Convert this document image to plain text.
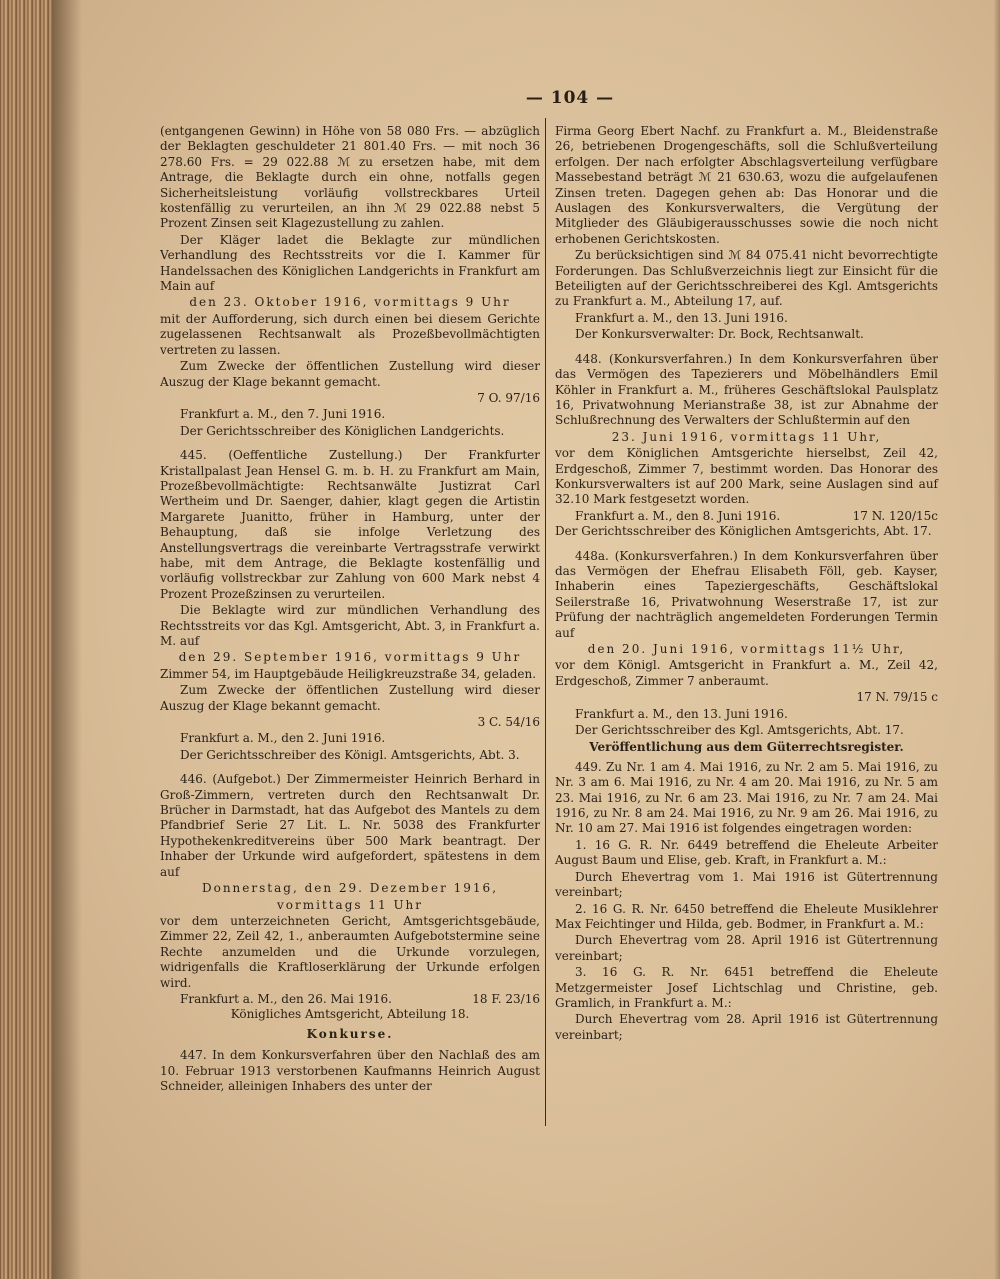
— 104 —

(entgangenen Gewinn) in Höhe von 58 080 Frs. — abzüglich der Beklagten geschuldeter 21 801.40 Frs. — mit noch 36 278.60 Frs. = 29 022.88 ℳ zu ersetzen habe, mit dem Antrage, die Beklagte durch ein ohne, notfalls gegen Sicherheitsleistung vorläufig vollstreckbares Urteil kostenfällig zu verurteilen, an ihn ℳ 29 022.88 nebst 5 Prozent Zinsen seit Klagezustellung zu zahlen.

Der Kläger ladet die Beklagte zur mündlichen Verhandlung des Rechtsstreits vor die I. Kammer für Handelssachen des Königlichen Landgerichts in Frankfurt am Main auf

den 23. Oktober 1916, vormittags 9 Uhr

mit der Aufforderung, sich durch einen bei diesem Gerichte zugelassenen Rechtsanwalt als Prozeßbevollmächtigten vertreten zu lassen.

Zum Zwecke der öffentlichen Zustellung wird dieser Auszug der Klage bekannt gemacht.

7 O. 97/16

Frankfurt a. M., den 7. Juni 1916.

Der Gerichtsschreiber des Königlichen Landgerichts.

445. (Oeffentliche Zustellung.) Der Frankfurter Kristallpalast Jean Hensel G. m. b. H. zu Frankfurt am Main, Prozeßbevollmächtigte: Rechtsanwälte Justizrat Carl Wertheim und Dr. Saenger, dahier, klagt gegen die Artistin Margarete Juanitto, früher in Hamburg, unter der Behauptung, daß sie infolge Verletzung des Anstellungsvertrags die vereinbarte Vertragsstrafe verwirkt habe, mit dem Antrage, die Beklagte kostenfällig und vorläufig vollstreckbar zur Zahlung von 600 Mark nebst 4 Prozent Prozeßzinsen zu verurteilen.

Die Beklagte wird zur mündlichen Verhandlung des Rechtsstreits vor das Kgl. Amtsgericht, Abt. 3, in Frankfurt a. M. auf

den 29. September 1916, vormittags 9 Uhr

Zimmer 54, im Hauptgebäude Heiligkreuzstraße 34, geladen.

Zum Zwecke der öffentlichen Zustellung wird dieser Auszug der Klage bekannt gemacht.

3 C. 54/16

Frankfurt a. M., den 2. Juni 1916.

Der Gerichtsschreiber des Königl. Amtsgerichts, Abt. 3.

446. (Aufgebot.) Der Zimmermeister Heinrich Berhard in Groß-Zimmern, vertreten durch den Rechtsanwalt Dr. Brücher in Darmstadt, hat das Aufgebot des Mantels zu dem Pfandbrief Serie 27 Lit. L. Nr. 5038 des Frankfurter Hypothekenkreditvereins über 500 Mark beantragt. Der Inhaber der Urkunde wird aufgefordert, spätestens in dem auf

Donnerstag, den 29. Dezember 1916,

vormittags 11 Uhr

vor dem unterzeichneten Gericht, Amtsgerichtsgebäude, Zimmer 22, Zeil 42, 1., anberaumten Aufgebotstermine seine Rechte anzumelden und die Urkunde vorzulegen, widrigenfalls die Kraftloserklärung der Urkunde erfolgen wird.

Frankfurt a. M., den 26. Mai 1916.	18 F. 23/16

Königliches Amtsgericht, Abteilung 18.

Konkurse.

447. In dem Konkursverfahren über den Nachlaß des am 10. Februar 1913 verstorbenen Kaufmanns Heinrich August Schneider, alleinigen Inhabers des unter der

Firma Georg Ebert Nachf. zu Frankfurt a. M., Bleidenstraße 26, betriebenen Drogengeschäfts, soll die Schlußverteilung erfolgen. Der nach erfolgter Abschlagsverteilung verfügbare Massebestand beträgt ℳ 21 630.63, wozu die aufgelaufenen Zinsen treten. Dagegen gehen ab: Das Honorar und die Auslagen des Konkursverwalters, die Vergütung der Mitglieder des Gläubigerausschusses sowie die noch nicht erhobenen Gerichtskosten.

Zu berücksichtigen sind ℳ 84 075.41 nicht bevorrechtigte Forderungen. Das Schlußverzeichnis liegt zur Einsicht für die Beteiligten auf der Gerichtsschreiberei des Kgl. Amtsgerichts zu Frankfurt a. M., Abteilung 17, auf.

Frankfurt a. M., den 13. Juni 1916.

Der Konkursverwalter: Dr. Bock, Rechtsanwalt.

448. (Konkursverfahren.) In dem Konkursverfahren über das Vermögen des Tapezierers und Möbelhändlers Emil Köhler in Frankfurt a. M., früheres Geschäftslokal Paulsplatz 16, Privatwohnung Merianstraße 38, ist zur Abnahme der Schlußrechnung des Verwalters der Schlußtermin auf den

23. Juni 1916, vormittags 11 Uhr,

vor dem Königlichen Amtsgerichte hierselbst, Zeil 42, Erdgeschoß, Zimmer 7, bestimmt worden. Das Honorar des Konkursverwalters ist auf 200 Mark, seine Auslagen sind auf 32.10 Mark festgesetzt worden.

Frankfurt a. M., den 8. Juni 1916.	17 N. 120/15c

Der Gerichtsschreiber des Königlichen Amtsgerichts, Abt. 17.

448a. (Konkursverfahren.) In dem Konkursverfahren über das Vermögen der Ehefrau Elisabeth Föll, geb. Kayser, Inhaberin eines Tapeziergeschäfts, Geschäftslokal Seilerstraße 16, Privatwohnung Weserstraße 17, ist zur Prüfung der nachträglich angemeldeten Forderungen Termin auf

den 20. Juni 1916, vormittags 11½ Uhr,

vor dem Königl. Amtsgericht in Frankfurt a. M., Zeil 42, Erdgeschoß, Zimmer 7 anberaumt.

17 N. 79/15 c

Frankfurt a. M., den 13. Juni 1916.

Der Gerichtsschreiber des Kgl. Amtsgerichts, Abt. 17.

Veröffentlichung aus dem Güterrechtsregister.

449. Zu Nr. 1 am 4. Mai 1916, zu Nr. 2 am 5. Mai 1916, zu Nr. 3 am 6. Mai 1916, zu Nr. 4 am 20. Mai 1916, zu Nr. 5 am 23. Mai 1916, zu Nr. 6 am 23. Mai 1916, zu Nr. 7 am 24. Mai 1916, zu Nr. 8 am 24. Mai 1916, zu Nr. 9 am 26. Mai 1916, zu Nr. 10 am 27. Mai 1916 ist folgendes eingetragen worden:

1. 16 G. R. Nr. 6449 betreffend die Eheleute Arbeiter August Baum und Elise, geb. Kraft, in Frankfurt a. M.:

Durch Ehevertrag vom 1. Mai 1916 ist Gütertrennung vereinbart;

2. 16 G. R. Nr. 6450 betreffend die Eheleute Musiklehrer Max Feichtinger und Hilda, geb. Bodmer, in Frankfurt a. M.:

Durch Ehevertrag vom 28. April 1916 ist Gütertrennung vereinbart;

3. 16 G. R. Nr. 6451 betreffend die Eheleute Metzgermeister Josef Lichtschlag und Christine, geb. Gramlich, in Frankfurt a. M.:

Durch Ehevertrag vom 28. April 1916 ist Gütertrennung vereinbart;
